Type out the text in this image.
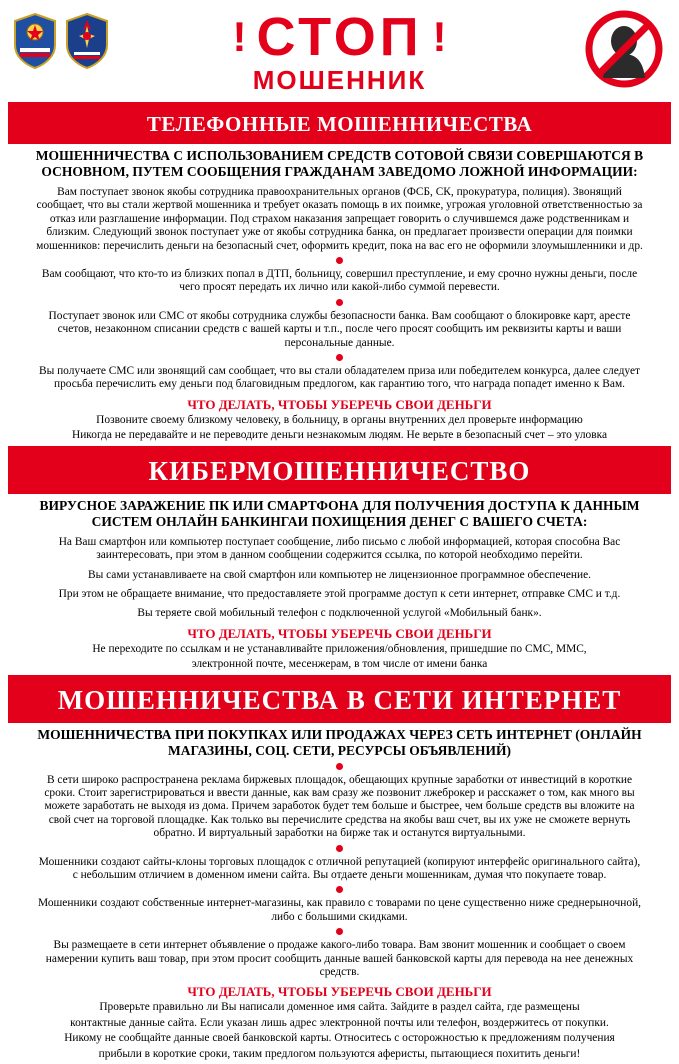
! СТОП !
МОШЕННИК
ТЕЛЕФОННЫЕ МОШЕННИЧЕСТВА
МОШЕННИЧЕСТВА С ИСПОЛЬЗОВАНИЕМ СРЕДСТВ СОТОВОЙ СВЯЗИ СОВЕРШАЮТСЯ В ОСНОВНОМ, ПУТЕМ СООБЩЕНИЯ ГРАЖДАНАМ ЗАВЕДОМО ЛОЖНОЙ ИНФОРМАЦИИ:
Вам поступает звонок якобы сотрудника правоохранительных органов (ФСБ, СК, прокуратура, полиция). Звонящий сообщает, что вы стали жертвой мошенника и требует оказать помощь в их поимке, угрожая уголовной ответственностью за отказ или разглашение информации. Под страхом наказания запрещает говорить о случившемся даже родственникам и близким. Следующий звонок поступает уже от якобы сотрудника банка, он предлагает произвести операции для поимки мошенников: перечислить деньги на безопасный счет, оформить кредит, пока на вас его не оформили злоумышленники и др.
Вам сообщают, что кто-то из близких попал в ДТП, больницу, совершил преступление, и ему срочно нужны деньги, после чего просят передать их лично или какой-либо суммой перевести.
Поступает звонок или СМС от якобы сотрудника службы безопасности банка. Вам сообщают о блокировке карт, аресте счетов, незаконном списании средств с вашей карты и т.п., после чего просят сообщить им реквизиты карты и ваши персональные данные.
Вы получаете СМС или звонящий сам сообщает, что вы стали обладателем приза или победителем конкурса, далее следует просьба перечислить ему деньги под благовидным предлогом, как гарантию того, что награда попадет именно к Вам.
ЧТО ДЕЛАТЬ, ЧТОБЫ УБЕРЕЧЬ СВОИ ДЕНЬГИ
Позвоните своему близкому человеку, в больницу, в органы внутренних дел проверьте информацию
Никогда не передавайте и не переводите деньги незнакомым людям. Не верьте в безопасный счет – это уловка
КИБЕРМОШЕННИЧЕСТВО
ВИРУСНОЕ ЗАРАЖЕНИЕ ПК ИЛИ СМАРТФОНА ДЛЯ ПОЛУЧЕНИЯ ДОСТУПА К ДАННЫМ СИСТЕМ ОНЛАЙН БАНКИНГАИ ПОХИЩЕНИЯ ДЕНЕГ С ВАШЕГО СЧЕТА:
На Ваш смартфон или компьютер поступает сообщение, либо письмо с любой информацией, которая способна Вас заинтересовать, при этом в данном сообщении содержится ссылка, по которой необходимо перейти.
Вы сами устанавливаете на свой смартфон или компьютер не лицензионное программное обеспечение.
При этом не обращаете внимание, что предоставляете этой программе доступ к сети интернет, отправке СМС и т.д.
Вы теряете свой мобильный телефон с подключенной услугой «Мобильный банк».
ЧТО ДЕЛАТЬ, ЧТОБЫ УБЕРЕЧЬ СВОИ ДЕНЬГИ
Не переходите по ссылкам и не устанавливайте приложения/обновления, пришедшие по СМС, ММС,
электронной почте, месенжерам, в том числе от имени банка
МОШЕННИЧЕСТВА В СЕТИ ИНТЕРНЕТ
МОШЕННИЧЕСТВА ПРИ ПОКУПКАХ ИЛИ ПРОДАЖАХ ЧЕРЕЗ СЕТЬ ИНТЕРНЕТ (ОНЛАЙН МАГАЗИНЫ, СОЦ. СЕТИ, РЕСУРСЫ ОБЪЯВЛЕНИЙ)
В сети широко распространена реклама биржевых площадок, обещающих крупные заработки от инвестиций в короткие сроки. Стоит зарегистрироваться и ввести данные, как вам сразу же позвонит лжеброкер и расскажет о том, как много вы можете заработать не выходя из дома. Причем заработок будет тем больше и быстрее, чем больше средств вы вложите на свой счет на торговой площадке. Как только вы перечислите средства на якобы ваш счет, вы их уже не сможете вернуть обратно. И виртуальный заработки на бирже так и останутся виртуальными.
Мошенники создают сайты-клоны торговых площадок с отличной репутацией (копируют интерфейс оригинального сайта), с небольшим отличием в доменном имени сайта. Вы отдаете деньги мошенникам, думая что покупаете товар.
Мошенники создают собственные интернет-магазины, как правило с товарами по цене существенно ниже среднерыночной, либо с большими скидками.
Вы размещаете в сети интернет объявление о продаже какого-либо товара. Вам звонит мошенник и сообщает о своем намерении купить ваш товар, при этом просит сообщить данные вашей банковской карты для перевода на нее денежных средств.
ЧТО ДЕЛАТЬ, ЧТОБЫ УБЕРЕЧЬ СВОИ ДЕНЬГИ
Проверьте правильно ли Вы написали доменное имя сайта. Зайдите в раздел сайта, где размещены
контактные данные сайта. Если указан лишь адрес электронной почты или телефон, воздержитесь от покупки.
Никому не сообщайте данные своей банковской карты. Относитесь с осторожностью к предложениям получения
прибыли в короткие сроки, таким предлогом пользуются аферисты, пытающиеся похитить деньги!
